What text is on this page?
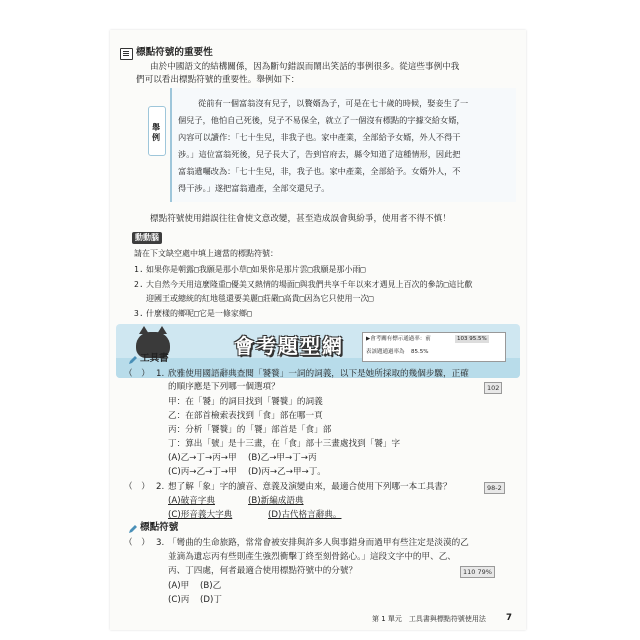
標點符號的重要性
由於中國語文的結構關係，因為斷句錯誤而鬧出笑話的事例很多。從這些事例中我
們可以看出標點符號的重要性。舉例如下：
舉例
從前有一個富翁沒有兒子，以贅婿為子，可是在七十歲的時候，娶妾生了一
個兒子，他怕自己死後，兒子不易保全，就立了一個沒有標點的字據交給女婿，
內容可以讀作：「七十生兒，非我子也。家中產業，全部給予女婿，外人不得干
涉。」這位富翁死後，兒子長大了，告到官府去，縣令知道了這種情形，因此把
富翁遺囑改為：「七十生兒，非，我子也。家中產業，全部給予。女婿外人，不
得干涉。」遂把富翁遺產，全部交還兒子。
標點符號使用錯誤往往會使文意改變，甚至造成誤會與紛爭，使用者不得不慎！
動動腦
請在下文缺空處中填上適當的標點符號：
1. 如果你是朝露□我願是那小草□如果你是那片雲□我願是那小雨□
2. 大自然今天用這麼隆重□優美又熱情的場面□與我們共享千年以來才遇見上百次的參訪□這比歡
迎國王或總統的紅地毯還要美麗□莊嚴□高貴□因為它只使用一次□
3. 什麼樣的鄉呢□它是一條家鄉□
會考題型網	▶會考關有標示通過率：前	103 95.5%
表該題通過率為 85.5%
工具書
（　） 1. 欣雅使用國語辭典查閱「饕餮」一詞的詞義，以下是她所採取的幾個步驟，正確
的順序應是下列哪一個選項？	102
甲：在「饕」的詞目找到「饕餮」的詞義
乙：在部首檢索表找到「食」部在哪一頁
丙：分析「饕餮」的「饕」部首是「食」部
丁：算出「號」是十三畫，在「食」部十三畫處找到「饕」字
(A)乙→丁→丙→甲 (B)乙→甲→丁→丙
(C)丙→乙→丁→甲 (D)丙→乙→甲→丁。
（　） 2. 想了解「象」字的讀音、意義及演變由來，最適合使用下列哪一本工具書？	98-2
(A)破音字典	(B)新編成語典
(C)形音義大字典	(D)古代格言辭典。
標點符號
（　） 3. 「彎曲的生命旅路，常常會被安排與許多人與事錯身而過甲有些注定是淡漠的乙
並滴為遺忘丙有些則產生強烈衝擊丁終至刻骨銘心。」這段文字中的甲、乙、
丙、丁四處，何者最適合使用標點符號中的分號？	110 79%
(A)甲 (B)乙
(C)丙 (D)丁
第 1 單元　工具書與標點符號使用法 7
